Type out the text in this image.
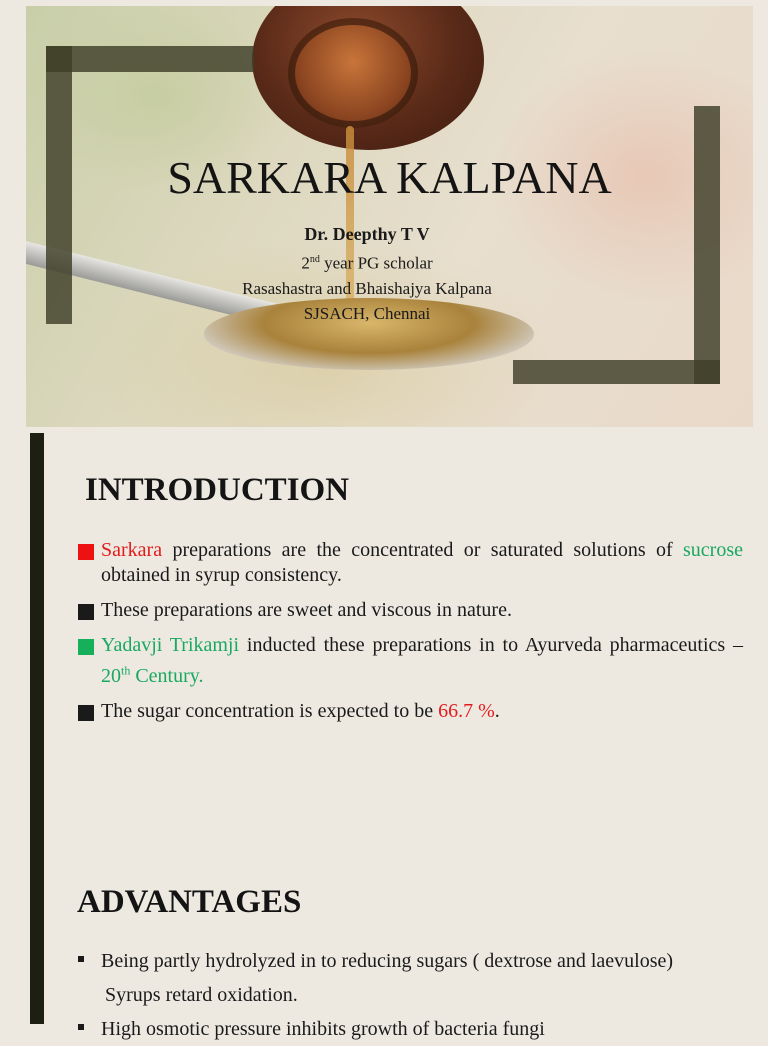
SARKARA KALPANA
Dr. Deepthy T V
2nd year PG scholar
Rasashastra and Bhaishajya Kalpana
SJSACH, Chennai
INTRODUCTION
Sarkara preparations are the concentrated or saturated solutions of sucrose obtained in syrup consistency.
These preparations are sweet and viscous in nature.
Yadavji Trikamji inducted these preparations in to Ayurveda pharmaceutics – 20th Century.
The sugar concentration is expected to be 66.7 %.
ADVANTAGES
Being partly hydrolyzed in to reducing sugars ( dextrose and laevulose)
Syrups retard oxidation.
High osmotic pressure inhibits growth of bacteria fungi
